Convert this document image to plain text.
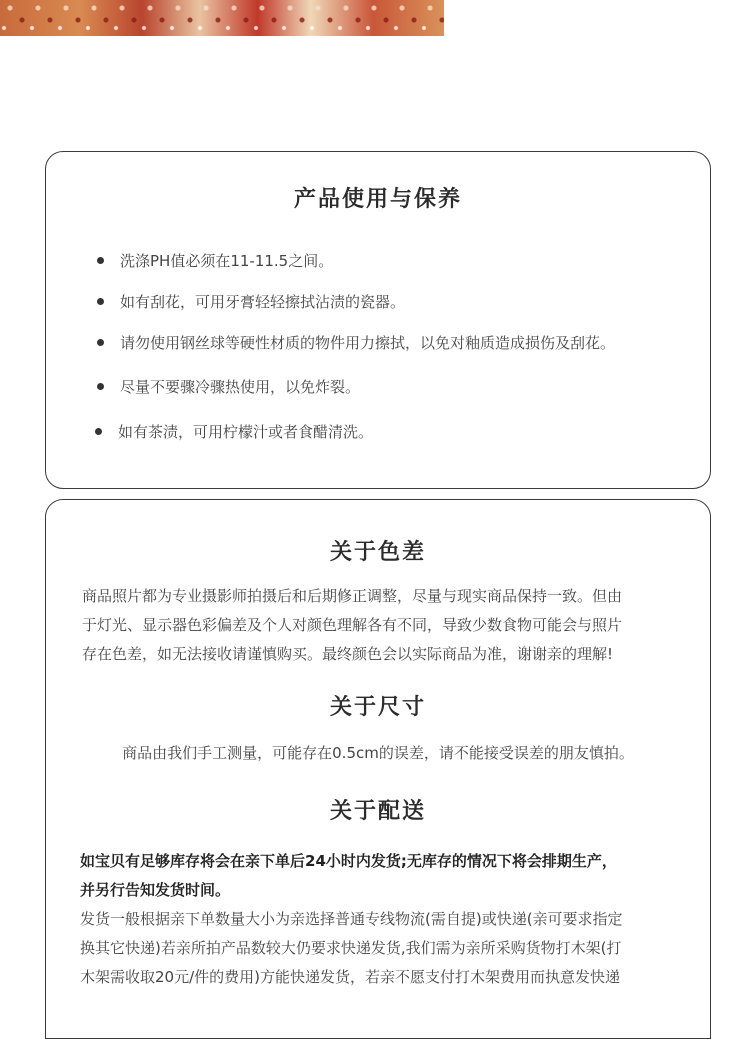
产品使用与保养
洗涤PH值必须在11-11.5之间。
如有刮花，可用牙膏轻轻擦拭沾渍的瓷器。
请勿使用钢丝球等硬性材质的物件用力擦拭，以免对釉质造成损伤及刮花。
尽量不要骤冷骤热使用，以免炸裂。
如有茶渍，可用柠檬汁或者食醋清洗。
关于色差
商品照片都为专业摄影师拍摄后和后期修正调整，尽量与现实商品保持一致。但由
于灯光、显示器色彩偏差及个人对颜色理解各有不同，导致少数食物可能会与照片
存在色差，如无法接收请谨慎购买。最终颜色会以实际商品为准，谢谢亲的理解!
关于尺寸
商品由我们手工测量，可能存在0.5cm的误差，请不能接受误差的朋友慎拍。
关于配送
如宝贝有足够库存将会在亲下单后24小时内发货;无库存的情况下将会排期生产，
并另行告知发货时间。
发货一般根据亲下单数量大小为亲选择普通专线物流(需自提)或快递(亲可要求指定
换其它快递)若亲所拍产品数较大仍要求快递发货,我们需为亲所采购货物打木架(打
木架需收取20元/件的费用)方能快递发货，若亲不愿支付打木架费用而执意发快递
